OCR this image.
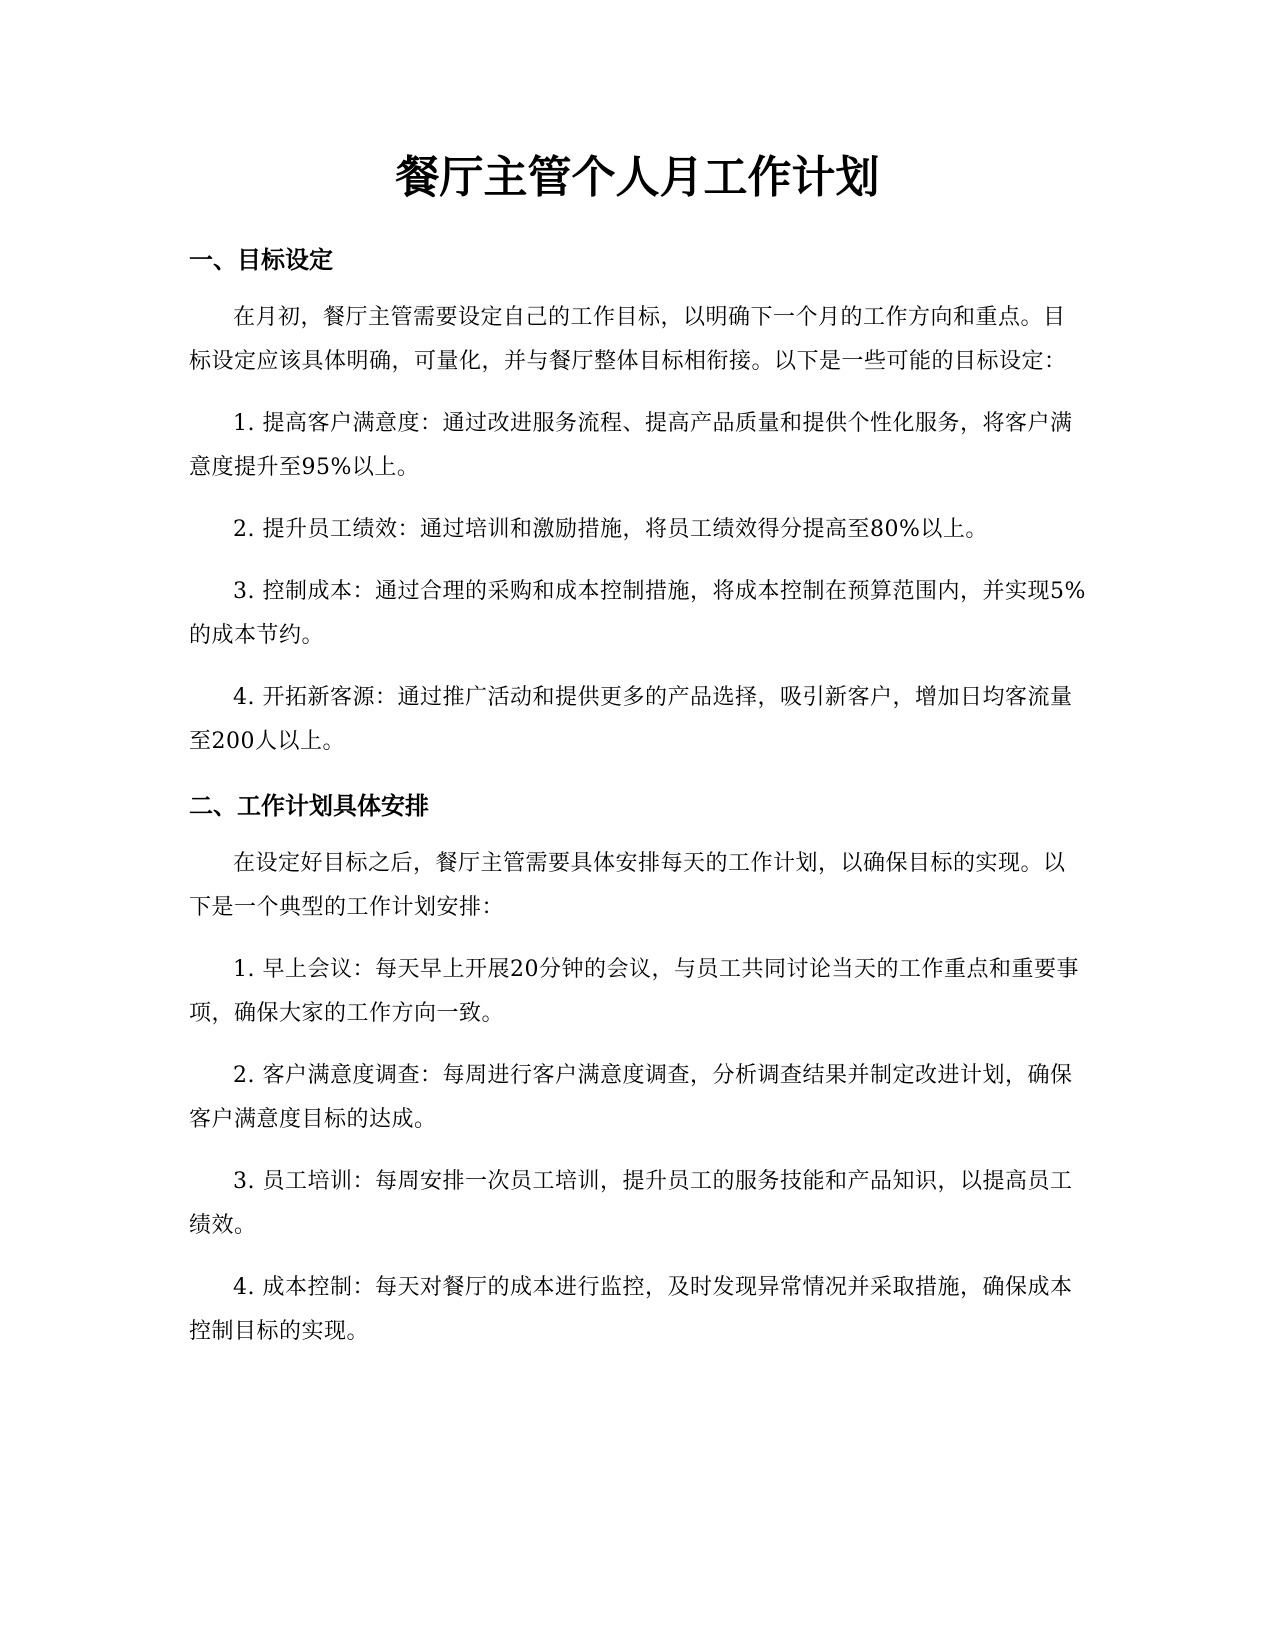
餐厅主管个人月工作计划
一、目标设定

在月初，餐厅主管需要设定自己的工作目标，以明确下一个月的工作方向和重点。目标设定应该具体明确，可量化，并与餐厅整体目标相衔接。以下是一些可能的目标设定：

1. 提高客户满意度：通过改进服务流程、提高产品质量和提供个性化服务，将客户满意度提升至95%以上。
2. 提升员工绩效：通过培训和激励措施，将员工绩效得分提高至80%以上。
3. 控制成本：通过合理的采购和成本控制措施，将成本控制在预算范围内，并实现5%的成本节约。
4. 开拓新客源：通过推广活动和提供更多的产品选择，吸引新客户，增加日均客流量至200人以上。
二、工作计划具体安排

在设定好目标之后，餐厅主管需要具体安排每天的工作计划，以确保目标的实现。以下是一个典型的工作计划安排：

1. 早上会议：每天早上开展20分钟的会议，与员工共同讨论当天的工作重点和重要事项，确保大家的工作方向一致。
2. 客户满意度调查：每周进行客户满意度调查，分析调查结果并制定改进计划，确保客户满意度目标的达成。
3. 员工培训：每周安排一次员工培训，提升员工的服务技能和产品知识，以提高员工绩效。
4. 成本控制：每天对餐厅的成本进行监控，及时发现异常情况并采取措施，确保成本控制目标的实现。
